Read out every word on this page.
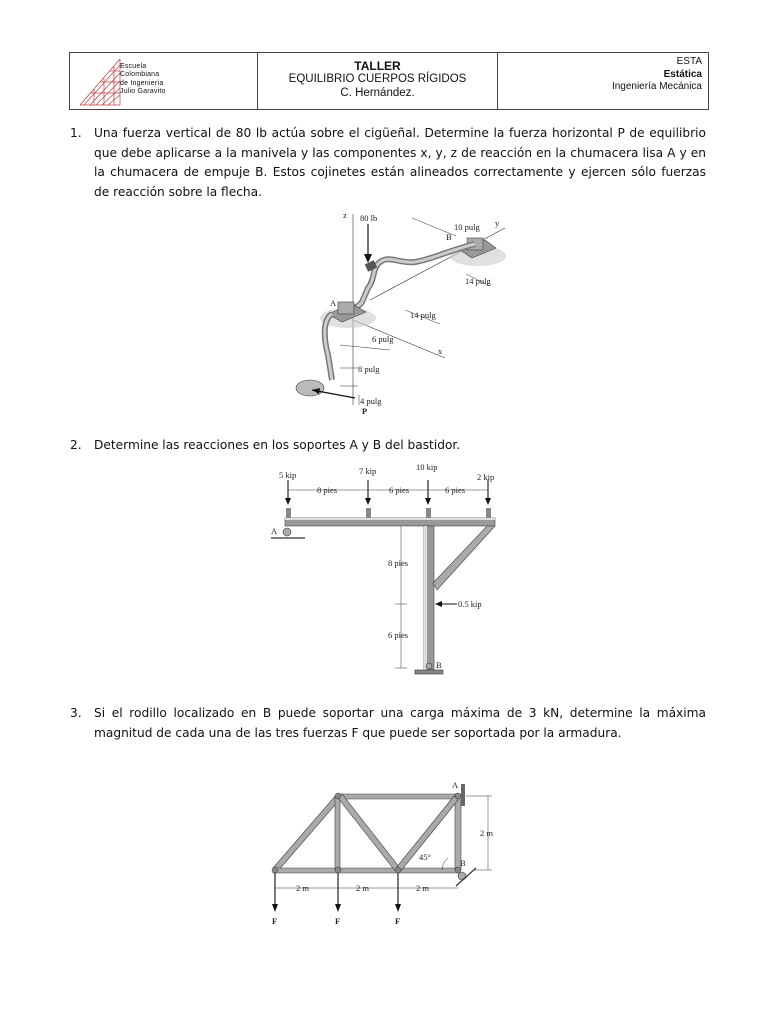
Escuela
Colombiana
de Ingeniería
Julio Garavito
TALLER
EQUILIBRIO CUERPOS RÍGIDOS
C. Hernández.
ESTA
Estática
Ingeniería Mecánica
1.	Una fuerza vertical de 80 lb actúa sobre el cigüeñal. Determine la fuerza horizontal P de equilibrio que debe aplicarse a la manivela y las componentes x, y, z de reacción en la chumacera lisa A y en la chumacera de empuje B. Estos cojinetes están alineados correctamente y ejercen sólo fuerzas de reacción sobre la flecha.
z 80 lb
10 pulg y
B
14 pulg
A
14 pulg
6 pulg
x
8 pulg
4 pulg
P
2.	Determine las reacciones en los soportes A y B del bastidor.
5 kip	7 kip	10 kip
2 kip
8 pies	6 pies	6 pies
A
8 pies
6 pies
0.5 kip
B
3.	Si el rodillo localizado en B puede soportar una carga máxima de 3 kN, determine la máxima magnitud de cada una de las tres fuerzas F que puede ser soportada por la armadura.
A
2 m
45°
B
2 m	2 m	2 m
F	F	F
